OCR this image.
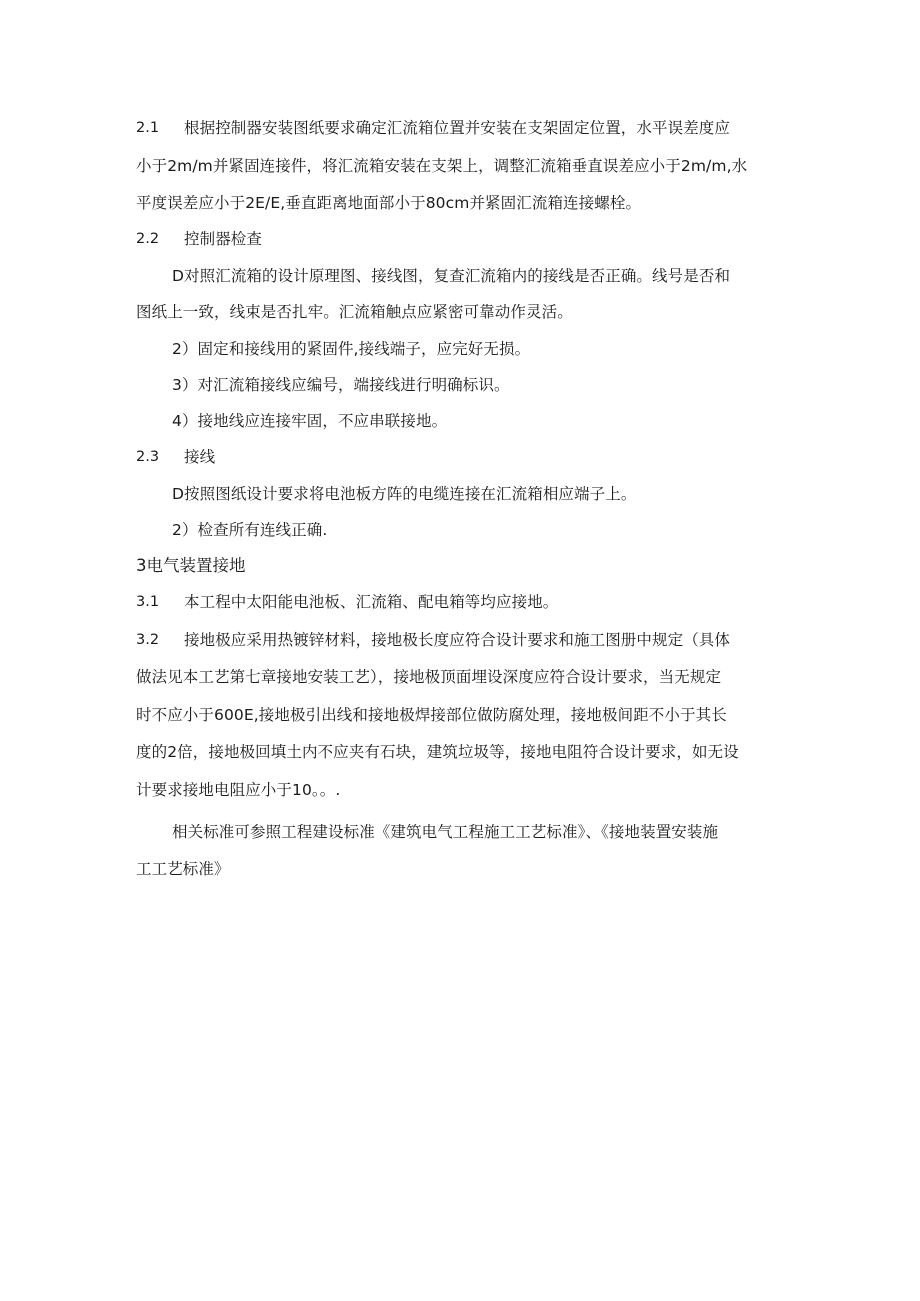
2.1 根据控制器安装图纸要求确定汇流箱位置并安装在支架固定位置，水平误差度应
小于2m∕m并紧固连接件，将汇流箱安装在支架上，调整汇流箱垂直误差应小于2m∕m,水
平度误差应小于2E∕E,垂直距离地面部小于80cm并紧固汇流箱连接螺栓。
2.2 控制器检查
D对照汇流箱的设计原理图、接线图，复查汇流箱内的接线是否正确。线号是否和
图纸上一致，线束是否扎牢。汇流箱触点应紧密可靠动作灵活。
2）固定和接线用的紧固件,接线端子，应完好无损。
3）对汇流箱接线应编号，端接线进行明确标识。
4）接地线应连接牢固，不应串联接地。
2.3 接线
D按照图纸设计要求将电池板方阵的电缆连接在汇流箱相应端子上。
2）检查所有连线正确.
3电气装置接地
3.1 本工程中太阳能电池板、汇流箱、配电箱等均应接地。
3.2 接地极应采用热镀锌材料，接地极长度应符合设计要求和施工图册中规定（具体
做法见本工艺第七章接地安装工艺），接地极顶面埋设深度应符合设计要求，当无规定
时不应小于600E,接地极引出线和接地极焊接部位做防腐处理，接地极间距不小于其长
度的2倍，接地极回填土内不应夹有石块，建筑垃圾等，接地电阻符合设计要求，如无设
计要求接地电阻应小于10。。.
相关标准可参照工程建设标准《建筑电气工程施工工艺标准》、《接地装置安装施
工工艺标准》
